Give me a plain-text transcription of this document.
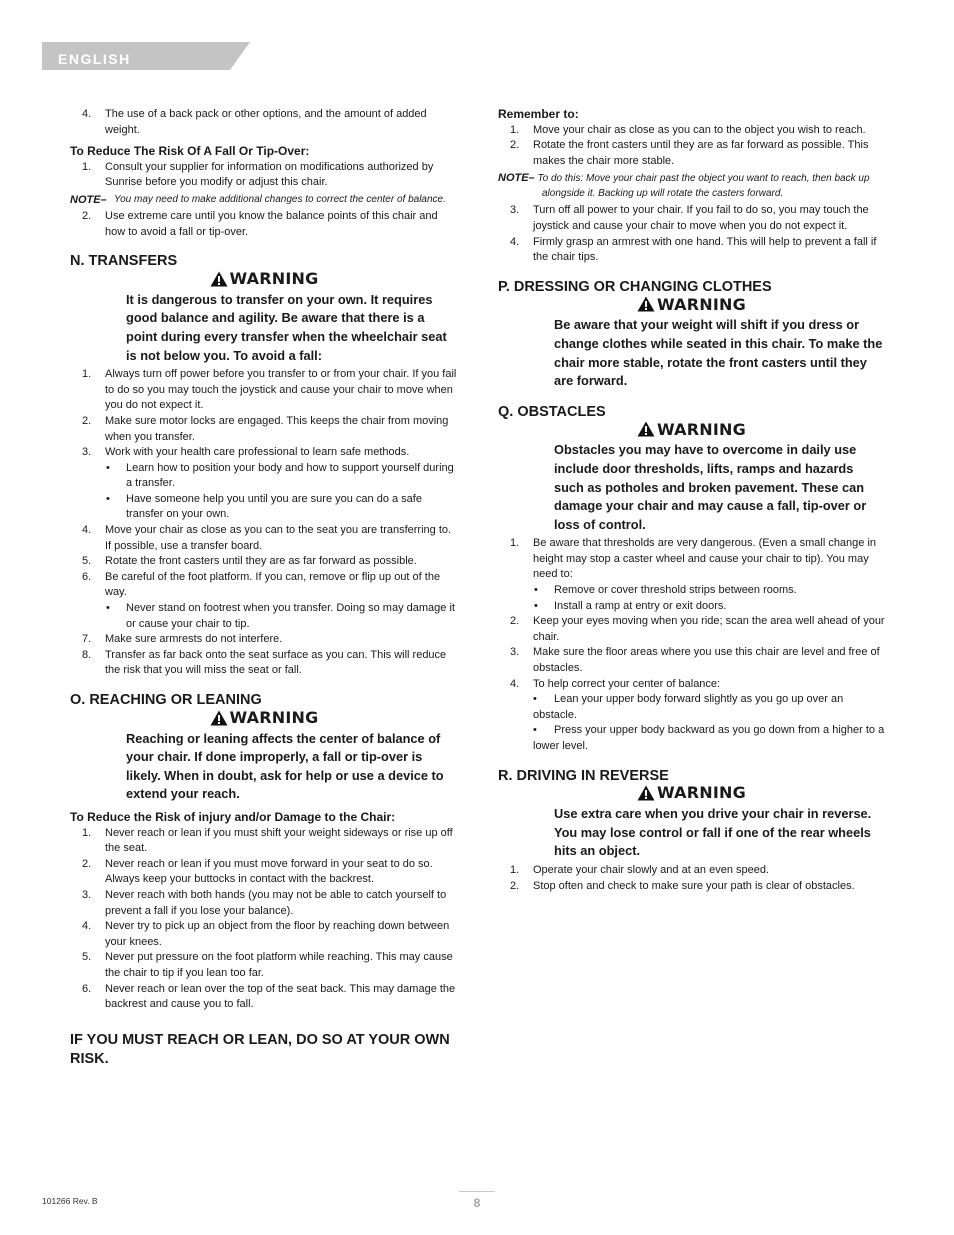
ENGLISH
4. The use of a back pack or other options, and the amount of added weight.
To Reduce The Risk Of A Fall Or Tip-Over:
1. Consult your supplier for information on modifications authorized by Sunrise before you modify or adjust this chair.
NOTE– You may need to make additional changes to correct the center of balance.
2. Use extreme care until you know the balance points of this chair and how to avoid a fall or tip-over.
N. TRANSFERS
WARNING
It is dangerous to transfer on your own. It requires good balance and agility. Be aware that there is a point during every transfer when the wheelchair seat is not below you. To avoid a fall:
1. Always turn off power before you transfer to or from your chair. If you fail to do so you may touch the joystick and cause your chair to move when you do not expect it.
2. Make sure motor locks are engaged. This keeps the chair from moving when you transfer.
3. Work with your health care professional to learn safe methods.
• Learn how to position your body and how to support yourself during a transfer.
• Have someone help you until you are sure you can do a safe transfer on your own.
4. Move your chair as close as you can to the seat you are transferring to. If possible, use a transfer board.
5. Rotate the front casters until they are as far forward as possible.
6. Be careful of the foot platform. If you can, remove or flip up out of the way.
• Never stand on footrest when you transfer. Doing so may damage it or cause your chair to tip.
7. Make sure armrests do not interfere.
8. Transfer as far back onto the seat surface as you can. This will reduce the risk that you will miss the seat or fall.
O. REACHING OR LEANING
WARNING
Reaching or leaning affects the center of balance of your chair. If done improperly, a fall or tip-over is likely. When in doubt, ask for help or use a device to extend your reach.
To Reduce the Risk of injury and/or Damage to the Chair:
1. Never reach or lean if you must shift your weight sideways or rise up off the seat.
2. Never reach or lean if you must move forward in your seat to do so. Always keep your buttocks in contact with the backrest.
3. Never reach with both hands (you may not be able to catch yourself to prevent a fall if you lose your balance).
4. Never try to pick up an object from the floor by reaching down between your knees.
5. Never put pressure on the foot platform while reaching. This may cause the chair to tip if you lean too far.
6. Never reach or lean over the top of the seat back. This may damage the backrest and cause you to fall.
IF YOU MUST REACH OR LEAN, DO SO AT YOUR OWN RISK.
Remember to:
1. Move your chair as close as you can to the object you wish to reach.
2. Rotate the front casters until they are as far forward as possible. This makes the chair more stable.
NOTE– To do this: Move your chair past the object you want to reach, then back up alongside it. Backing up will rotate the casters forward.
3. Turn off all power to your chair. If you fail to do so, you may touch the joystick and cause your chair to move when you do not expect it.
4. Firmly grasp an armrest with one hand. This will help to prevent a fall if the chair tips.
P. DRESSING OR CHANGING CLOTHES
WARNING
Be aware that your weight will shift if you dress or change clothes while seated in this chair. To make the chair more stable, rotate the front casters until they are forward.
Q. OBSTACLES
WARNING
Obstacles you may have to overcome in daily use include door thresholds, lifts, ramps and hazards such as potholes and broken pavement. These can damage your chair and may cause a fall, tip-over or loss of control.
1. Be aware that thresholds are very dangerous. (Even a small change in height may stop a caster wheel and cause your chair to tip). You may need to:
• Remove or cover threshold strips between rooms.
• Install a ramp at entry or exit doors.
2. Keep your eyes moving when you ride; scan the area well ahead of your chair.
3. Make sure the floor areas where you use this chair are level and free of obstacles.
4. To help correct your center of balance:
• Lean your upper body forward slightly as you go up over an obstacle.
• Press your upper body backward as you go down from a higher to a lower level.
R. DRIVING IN REVERSE
WARNING
Use extra care when you drive your chair in reverse. You may lose control or fall if one of the rear wheels hits an object.
1. Operate your chair slowly and at an even speed.
2. Stop often and check to make sure your path is clear of obstacles.
101266 Rev. B	8
